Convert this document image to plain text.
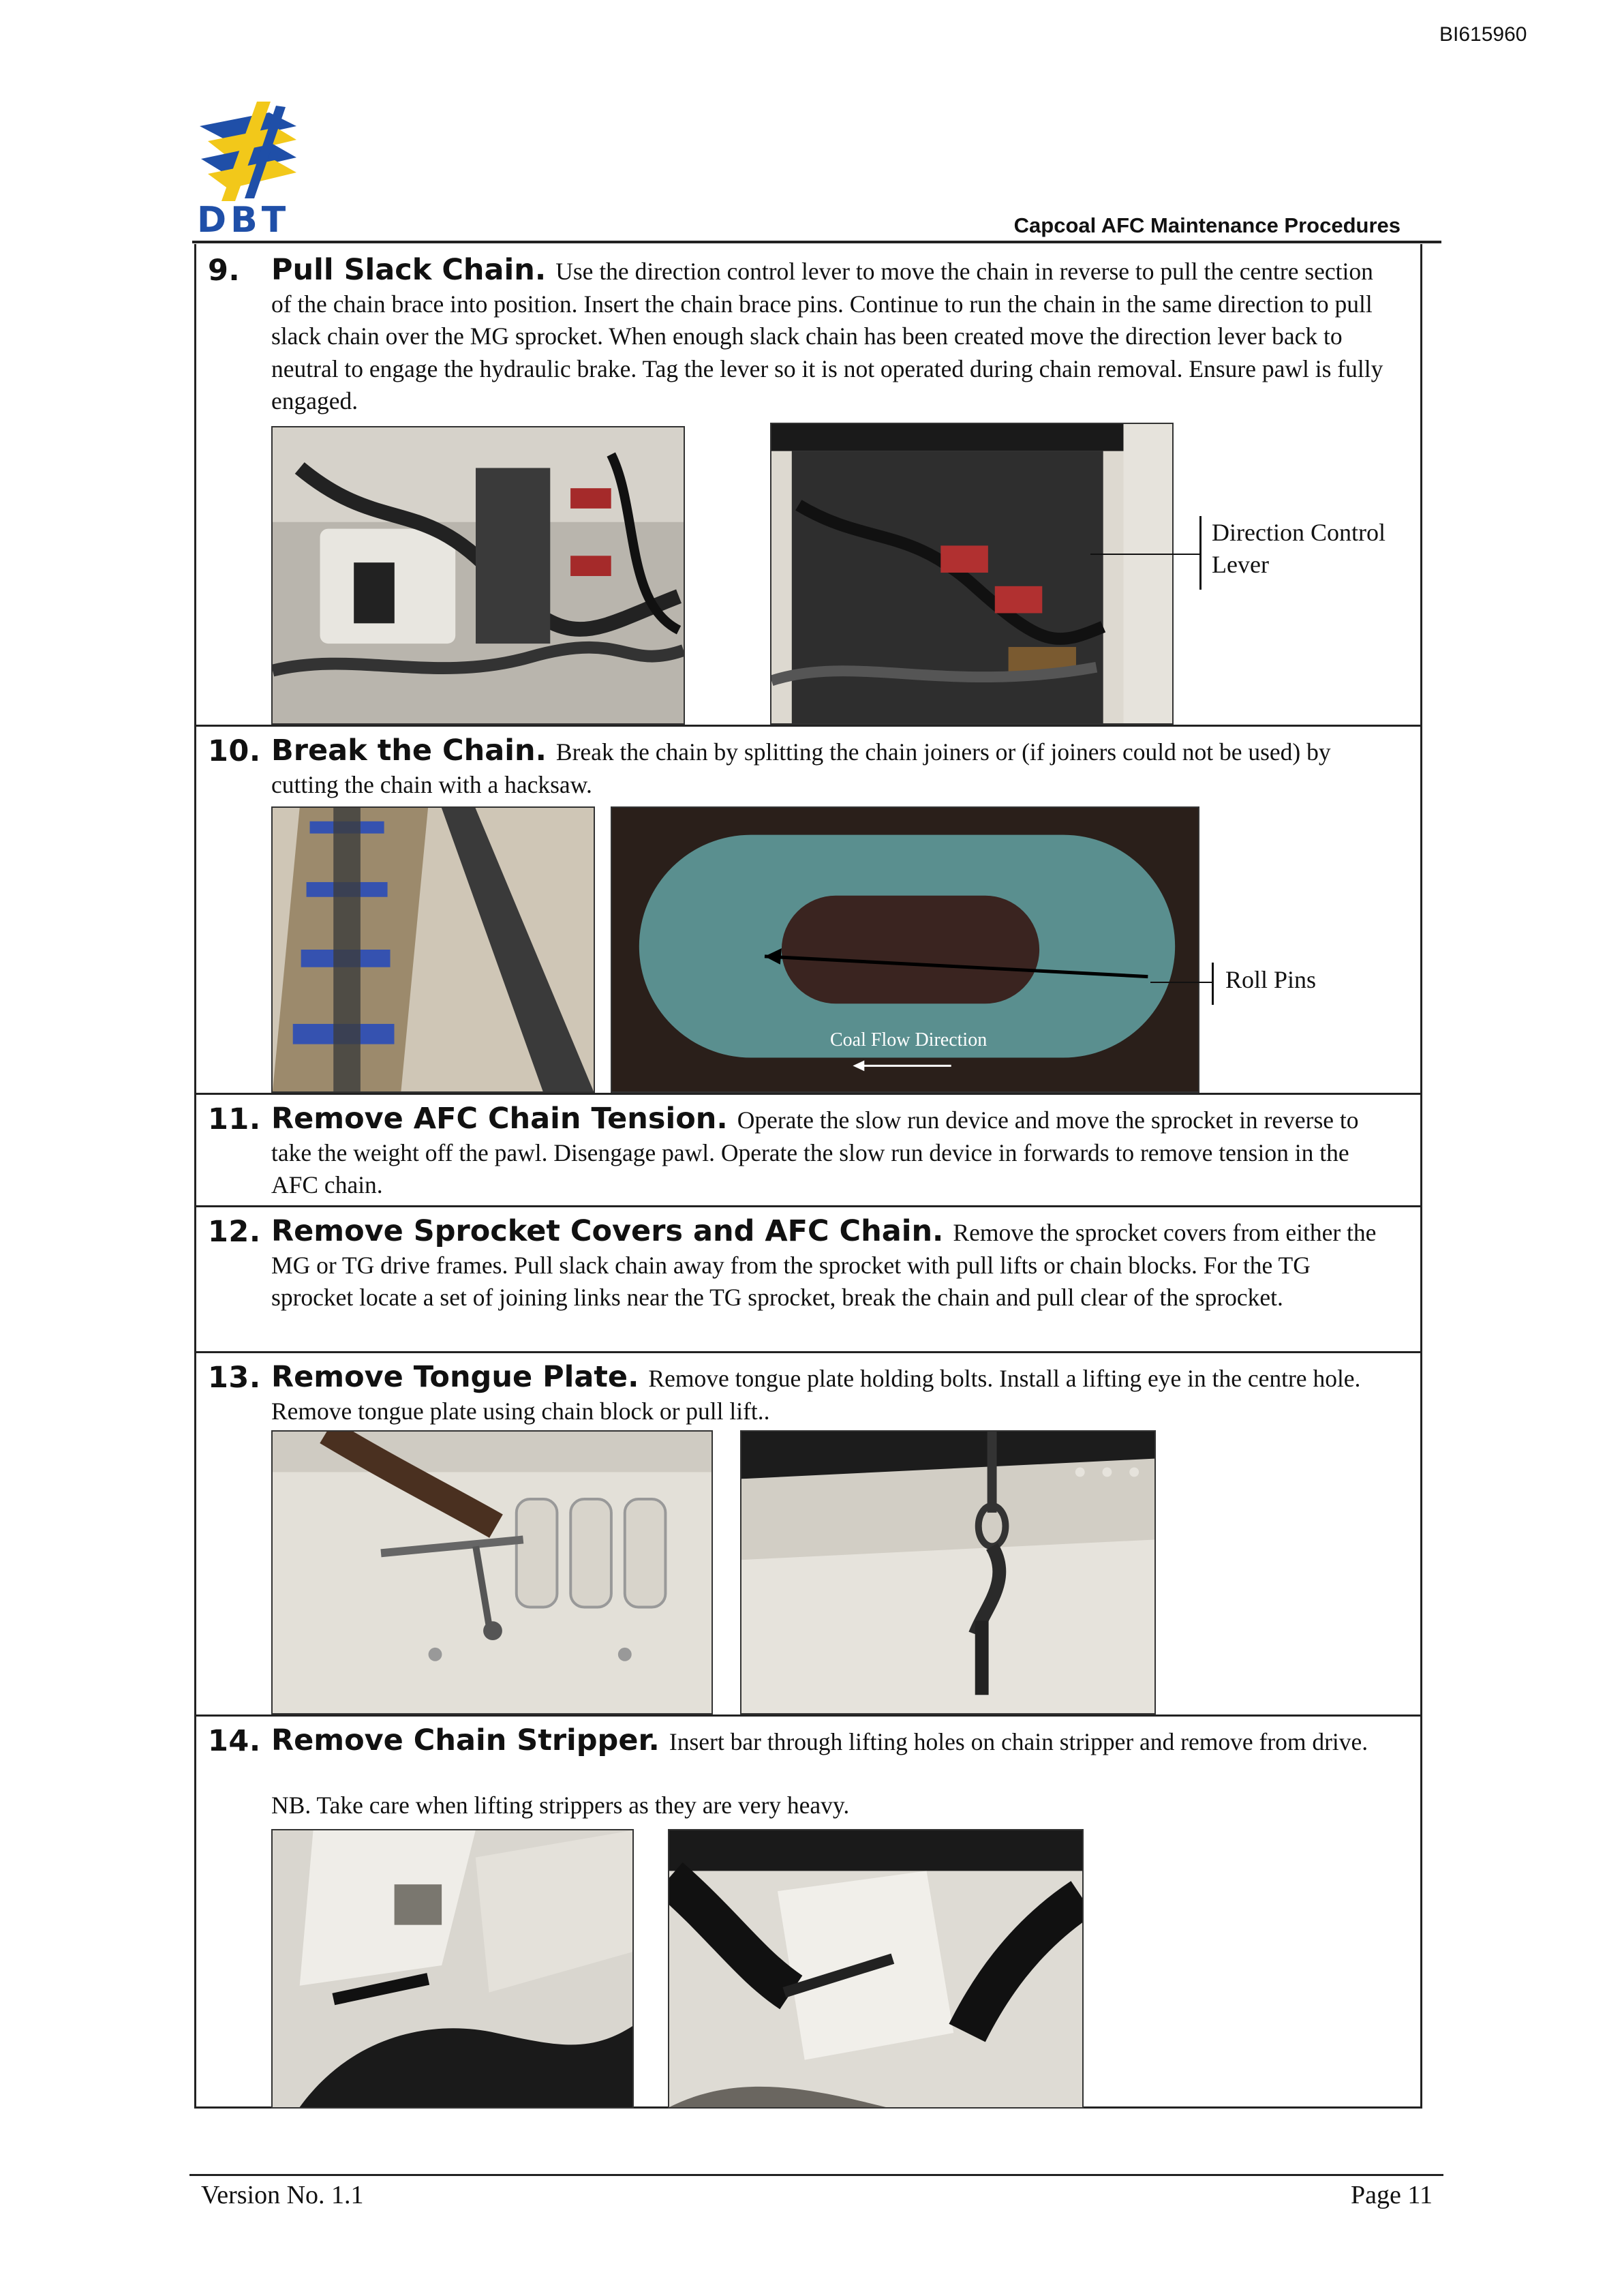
BI615960
DBT	Capcoal AFC Maintenance Procedures
9. Pull Slack Chain. Use the direction control lever to move the chain in reverse to pull the centre section of the chain brace into position. Insert the chain brace pins. Continue to run the chain in the same direction to pull slack chain over the MG sprocket. When enough slack chain has been created move the direction lever back to neutral to engage the hydraulic brake. Tag the lever so it is not operated during chain removal. Ensure pawl is fully engaged.
Direction Control Lever
10. Break the Chain. Break the chain by splitting the chain joiners or (if joiners could not be used) by cutting the chain with a hacksaw.
Coal Flow Direction
Roll Pins
11. Remove AFC Chain Tension. Operate the slow run device and move the sprocket in reverse to take the weight off the pawl. Disengage pawl. Operate the slow run device in forwards to remove tension in the AFC chain.
12. Remove Sprocket Covers and AFC Chain. Remove the sprocket covers from either the MG or TG drive frames. Pull slack chain away from the sprocket with pull lifts or chain blocks. For the TG sprocket locate a set of joining links near the TG sprocket, break the chain and pull clear of the sprocket.
13. Remove Tongue Plate. Remove tongue plate holding bolts. Install a lifting eye in the centre hole. Remove tongue plate using chain block or pull lift..
14. Remove Chain Stripper. Insert bar through lifting holes on chain stripper and remove from drive.
NB. Take care when lifting strippers as they are very heavy.
Version No. 1.1	Page 11
